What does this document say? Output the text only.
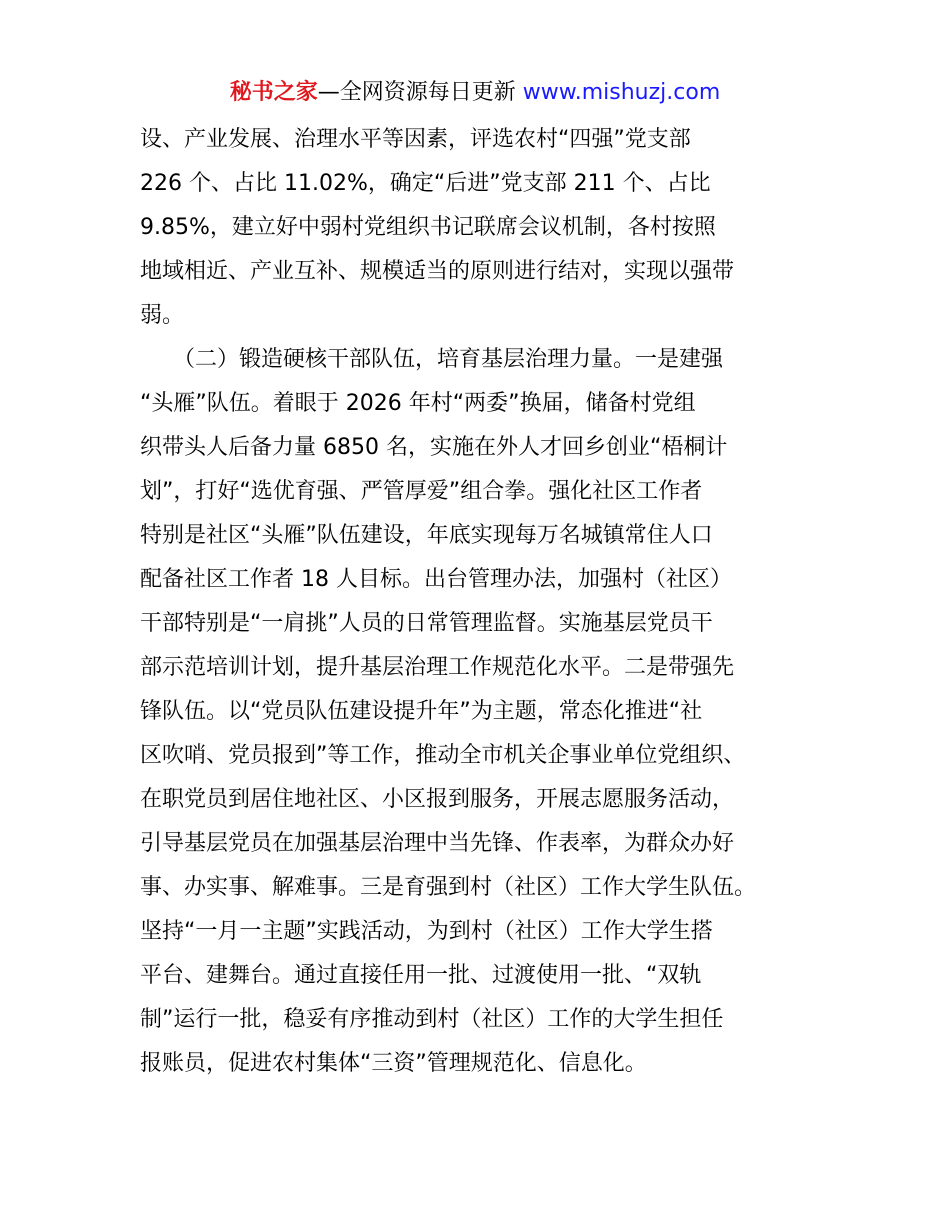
秘书之家—全网资源每日更新 www.mishuzj.com
设、产业发展、治理水平等因素，评选农村“四强”党支部
226 个、占比 11.02%，确定“后进”党支部 211 个、占比
9.85%，建立好中弱村党组织书记联席会议机制，各村按照
地域相近、产业互补、规模适当的原则进行结对，实现以强带
弱。
　　（二）锻造硬核干部队伍，培育基层治理力量。一是建强
“头雁”队伍。着眼于 2026 年村“两委”换届，储备村党组
织带头人后备力量 6850 名，实施在外人才回乡创业“梧桐计
划”，打好“选优育强、严管厚爱”组合拳。强化社区工作者
特别是社区“头雁”队伍建设，年底实现每万名城镇常住人口
配备社区工作者 18 人目标。出台管理办法，加强村（社区）
干部特别是“一肩挑”人员的日常管理监督。实施基层党员干
部示范培训计划，提升基层治理工作规范化水平。二是带强先
锋队伍。以“党员队伍建设提升年”为主题，常态化推进“社
区吹哨、党员报到”等工作，推动全市机关企事业单位党组织、
在职党员到居住地社区、小区报到服务，开展志愿服务活动，
引导基层党员在加强基层治理中当先锋、作表率，为群众办好
事、办实事、解难事。三是育强到村（社区）工作大学生队伍。
坚持“一月一主题”实践活动，为到村（社区）工作大学生搭
平台、建舞台。通过直接任用一批、过渡使用一批、“双轨
制”运行一批，稳妥有序推动到村（社区）工作的大学生担任
报账员，促进农村集体“三资”管理规范化、信息化。
